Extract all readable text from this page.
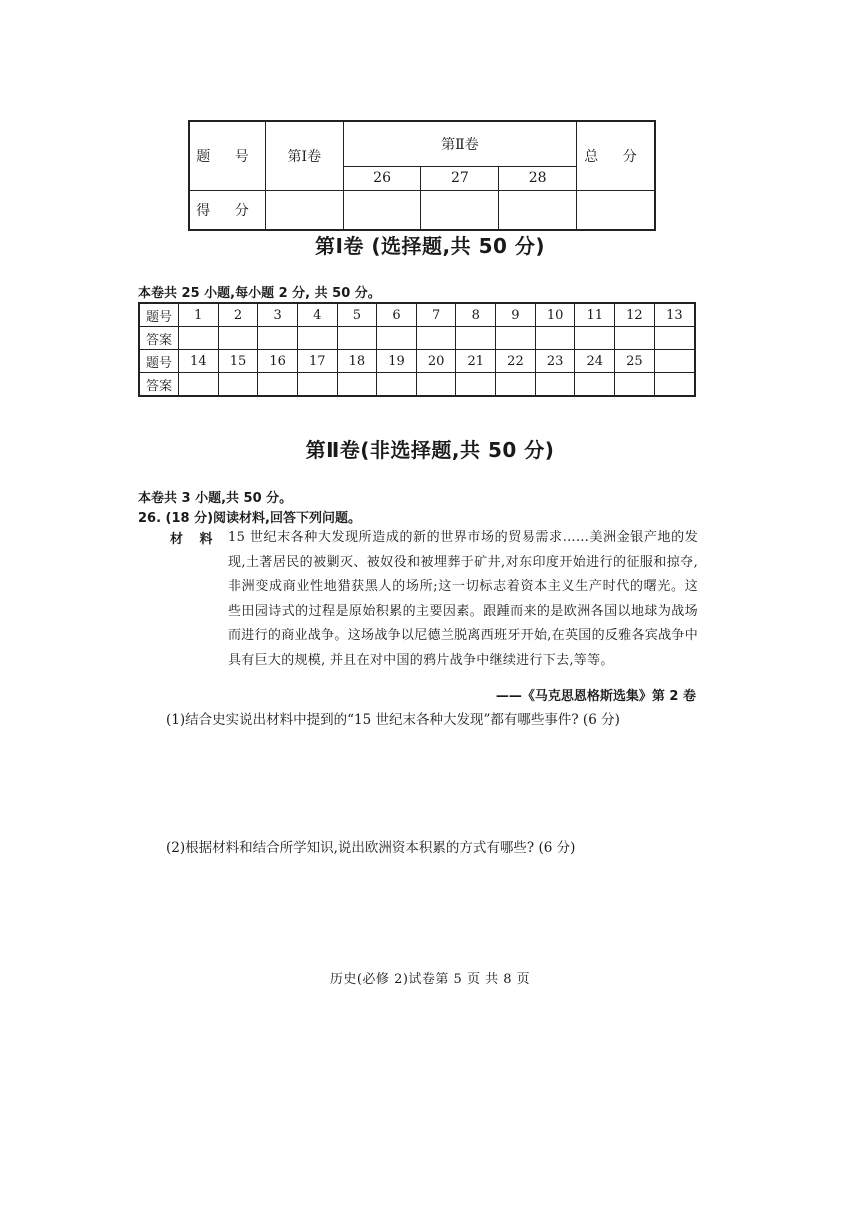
题 号	第Ⅰ卷	第Ⅱ卷			总 分
		26	27	28	
得 分					
第Ⅰ卷 (选择题,共 50 分)
本卷共 25 小题,每小题 2 分, 共 50 分。
题号	1	2	3	4	5	6	7	8	9	10	11	12	13
答案													
题号	14	15	16	17	18	19	20	21	22	23	24	25	
答案													
第Ⅱ卷(非选择题,共 50 分)
本卷共 3 小题,共 50 分。
26. (18 分)阅读材料,回答下列问题。
材 料 15 世纪末各种大发现所造成的新的世界市场的贸易需求……美洲金银产地的发现,土著居民的被剿灭、被奴役和被埋葬于矿井,对东印度开始进行的征服和掠夺,非洲变成商业性地猎获黑人的场所;这一切标志着资本主义生产时代的曙光。这些田园诗式的过程是原始积累的主要因素。跟踵而来的是欧洲各国以地球为战场而进行的商业战争。这场战争以尼德兰脱离西班牙开始,在英国的反雅各宾战争中具有巨大的规模, 并且在对中国的鸦片战争中继续进行下去,等等。
——《马克思恩格斯选集》第 2 卷
(1)结合史实说出材料中提到的“15 世纪末各种大发现”都有哪些事件? (6 分)
(2)根据材料和结合所学知识,说出欧洲资本积累的方式有哪些? (6 分)
历史(必修 2)试卷第 5 页 共 8 页
